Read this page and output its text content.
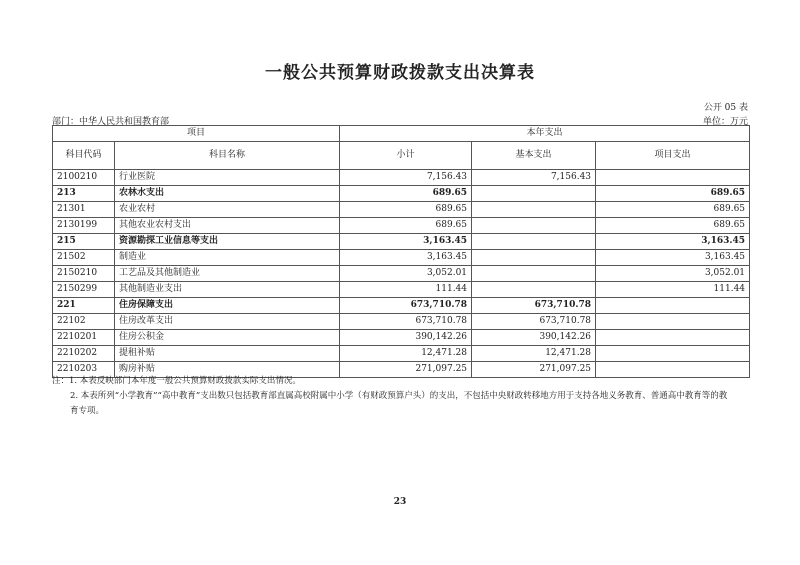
一般公共预算财政拨款支出决算表
公开 05 表
部门：中华人民共和国教育部	单位：万元
项目		本年支出		
科目代码	科目名称	小计	基本支出	项目支出
2100210	行业医院	7,156.43	7,156.43	
213	农林水支出	689.65		689.65
21301	农业农村	689.65		689.65
2130199	其他农业农村支出	689.65		689.65
215	资源勘探工业信息等支出	3,163.45		3,163.45
21502	制造业	3,163.45		3,163.45
2150210	工艺品及其他制造业	3,052.01		3,052.01
2150299	其他制造业支出	111.44		111.44
221	住房保障支出	673,710.78	673,710.78	
22102	住房改革支出	673,710.78	673,710.78	
2210201	住房公积金	390,142.26	390,142.26	
2210202	提租补贴	12,471.28	12,471.28	
2210203	购房补贴	271,097.25	271,097.25	
注：1. 本表反映部门本年度一般公共预算财政拨款实际支出情况。
2. 本表所列“小学教育”“高中教育”支出数只包括教育部直属高校附属中小学（有财政预算户头）的支出，不包括中央财政转移地方用于支持各地义务教育、普通高中教育等的教
育专项。
23
